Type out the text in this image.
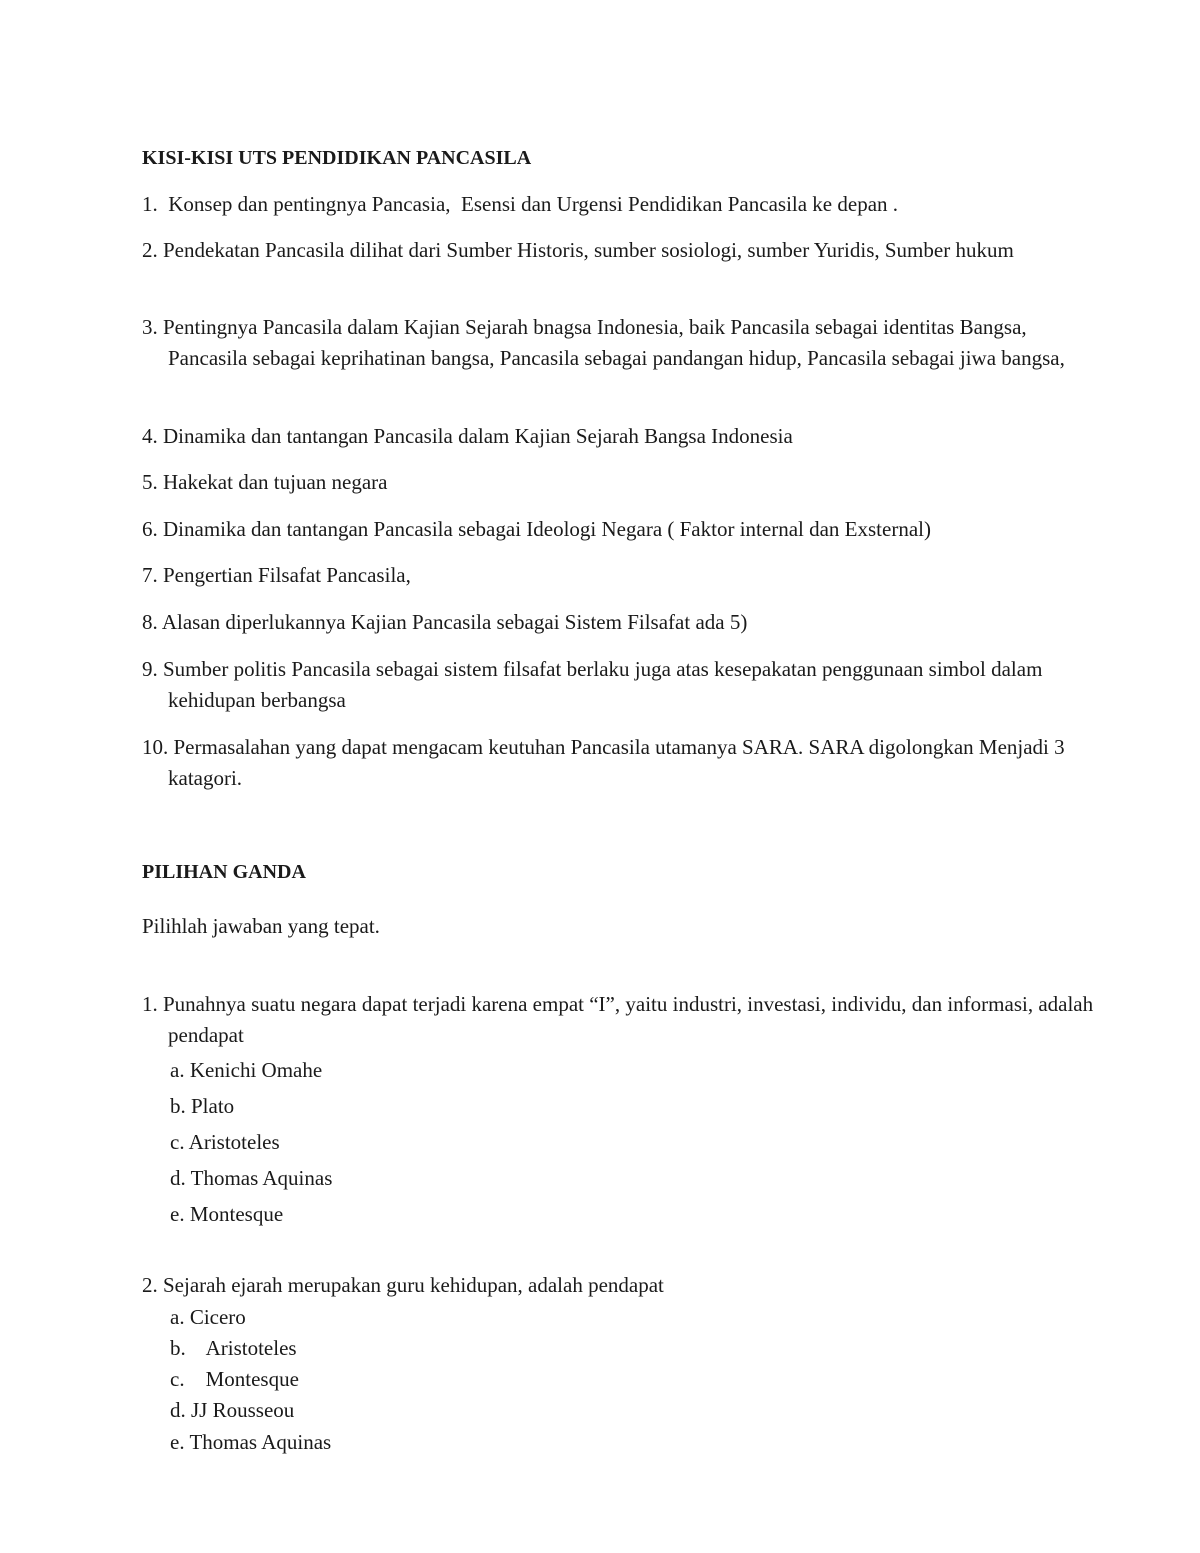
KISI-KISI UTS PENDIDIKAN PANCASILA
1.  Konsep dan pentingnya Pancasia,  Esensi dan Urgensi Pendidikan Pancasila ke depan .
2. Pendekatan Pancasila dilihat dari Sumber Historis, sumber sosiologi, sumber Yuridis, Sumber hukum
3. Pentingnya Pancasila dalam Kajian Sejarah bnagsa Indonesia, baik Pancasila sebagai identitas Bangsa, Pancasila sebagai keprihatinan bangsa, Pancasila sebagai pandangan hidup, Pancasila sebagai jiwa bangsa,
4. Dinamika dan tantangan Pancasila dalam Kajian Sejarah Bangsa Indonesia
5. Hakekat dan tujuan negara
6. Dinamika dan tantangan Pancasila sebagai Ideologi Negara ( Faktor internal dan Exsternal)
7. Pengertian Filsafat Pancasila,
8. Alasan diperlukannya Kajian Pancasila sebagai Sistem Filsafat ada 5)
9. Sumber politis Pancasila sebagai sistem filsafat berlaku juga atas kesepakatan penggunaan simbol dalam kehidupan berbangsa
10. Permasalahan yang dapat mengacam keutuhan Pancasila utamanya SARA. SARA digolongkan Menjadi 3 katagori.
PILIHAN GANDA
Pilihlah jawaban yang tepat.
1. Punahnya suatu negara dapat terjadi karena empat “I”, yaitu industri, investasi, individu, dan informasi, adalah pendapat
a. Kenichi Omahe
b. Plato
c. Aristoteles
d. Thomas Aquinas
e. Montesque
2. Sejarah ejarah merupakan guru kehidupan, adalah pendapat
a. Cicero
b.    Aristoteles
c.    Montesque
d. JJ Rousseou
e. Thomas Aquinas
